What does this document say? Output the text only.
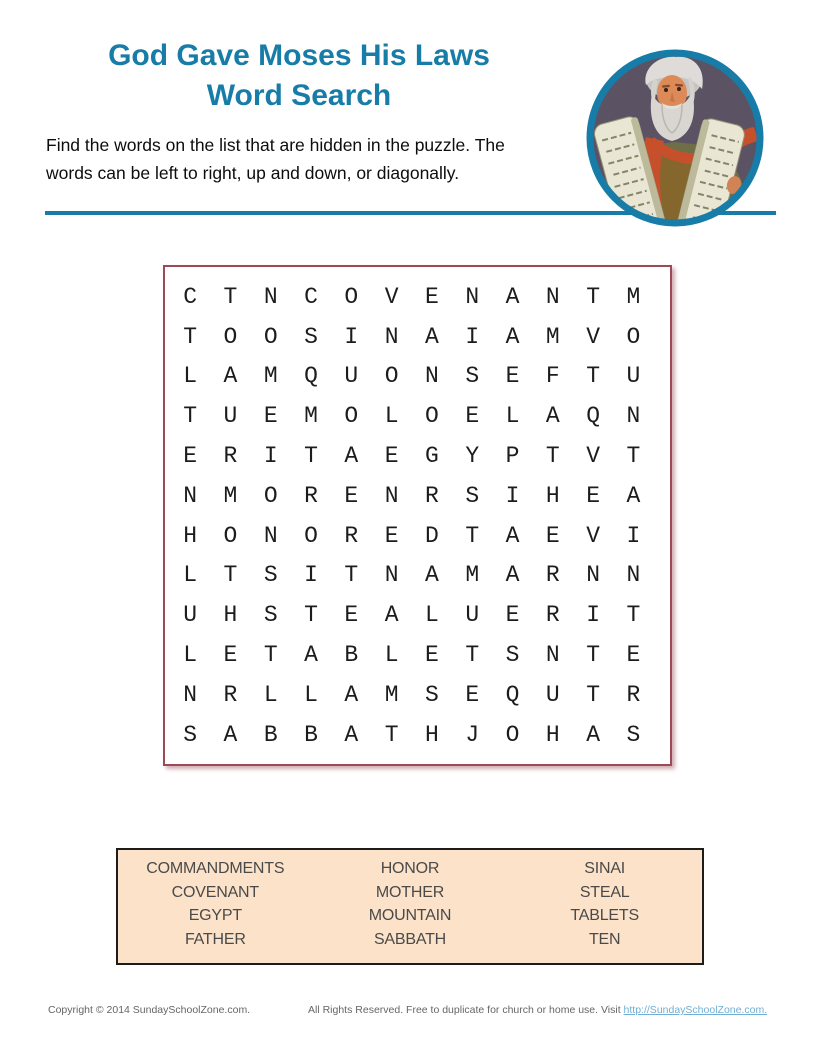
God Gave Moses His Laws
Word Search
Find the words on the list that are hidden in the puzzle. The
words can be left to right, up and down, or diagonally.
C	T	N	C	O	V	E	N	A	N	T	M
T	O	O	S	I	N	A	I	A	M	V	O
L	A	M	Q	U	O	N	S	E	F	T	U
T	U	E	M	O	L	O	E	L	A	Q	N
E	R	I	T	A	E	G	Y	P	T	V	T
N	M	O	R	E	N	R	S	I	H	E	A
H	O	N	O	R	E	D	T	A	E	V	I
L	T	S	I	T	N	A	M	A	R	N	N
U	H	S	T	E	A	L	U	E	R	I	T
L	E	T	A	B	L	E	T	S	N	T	E
N	R	L	L	A	M	S	E	Q	U	T	R
S	A	B	B	A	T	H	J	O	H	A	S
COMMANDMENTS	HONOR	SINAI
COVENANT	MOTHER	STEAL
EGYPT	MOUNTAIN	TABLETS
FATHER	SABBATH	TEN
Copyright © 2014 SundaySchoolZone.com.	All Rights Reserved. Free to duplicate for church or home use. Visit http://SundaySchoolZone.com.
